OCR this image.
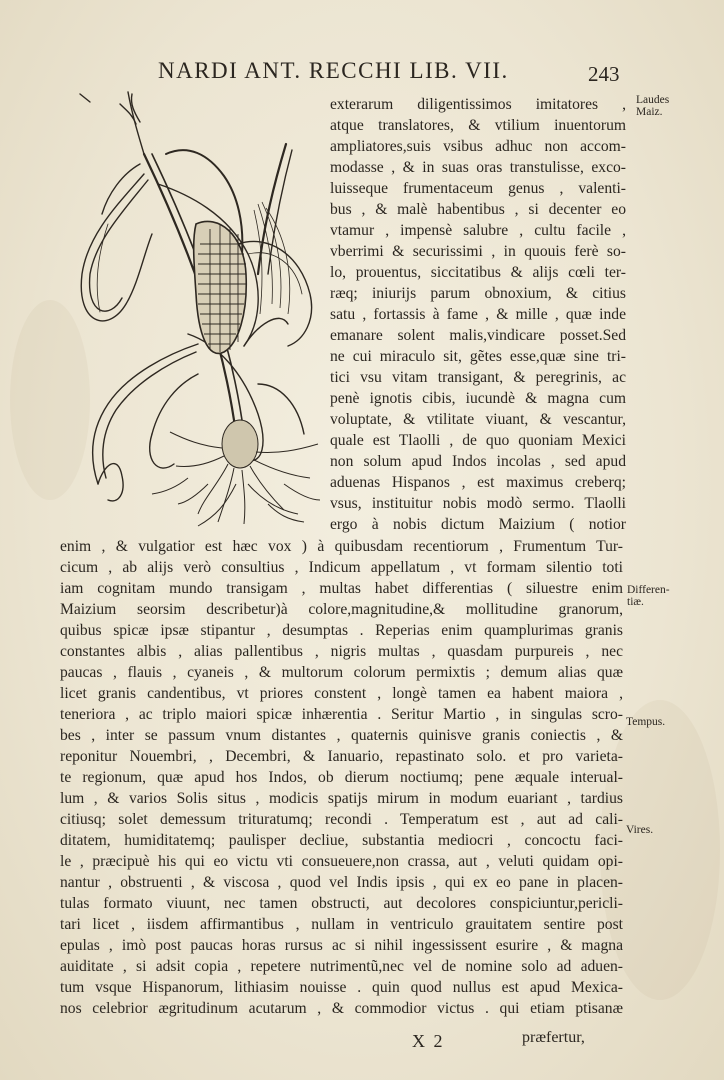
NARDI ANT. RECCHI LIB. VII.	243
exterarum diligentissimos imitatores ,
atque translatores, & vtilium inuentorum
ampliatores,suis vsibus adhuc non accom-
modasse , & in suas oras transtulisse, exco-
luisseque frumentaceum genus , valenti-
bus , & malè habentibus , si decenter eo
vtamur , impensè salubre , cultu facile ,
vberrimi & securissimi , in quouis ferè so-
lo, prouentus, siccitatibus & alijs cœli ter-
ræq; iniurijs parum obnoxium, & citius
satu , fortassis à fame , & mille , quæ inde
emanare solent malis,vindicare posset.Sed
ne cui miraculo sit, gẽtes esse,quæ sine tri-
tici vsu vitam transigant, & peregrinis, ac
penè ignotis cibis, iucundè & magna cum
voluptate, & vtilitate viuant, & vescantur,
quale est Tlaolli , de quo quoniam Mexici
non solum apud Indos incolas , sed apud
aduenas Hispanos , est maximus creberq;
vsus, instituitur nobis modò sermo. Tlaolli
ergo à nobis dictum Maizium ( notior
enim , & vulgatior est hæc vox ) à quibusdam recentiorum , Frumentum Tur-
cicum , ab alijs verò consultius , Indicum appellatum , vt formam silentio toti
iam cognitam mundo transigam , multas habet differentias ( siluestre enim
Maizium seorsim describetur)à colore,magnitudine,& mollitudine granorum,
quibus spicæ ipsæ stipantur , desumptas . Reperias enim quamplurimas granis
constantes albis , alias pallentibus , nigris multas , quasdam purpureis , nec
paucas , flauis , cyaneis , & multorum colorum permixtis ; demum alias quæ
licet granis candentibus, vt priores constent , longè tamen ea habent maiora ,
teneriora , ac triplo maiori spicæ inhærentia . Seritur Martio , in singulas scro-
bes , inter se passum vnum distantes , quaternis quinisve granis coniectis , &
reponitur Nouembri, , Decembri, & Ianuario, repastinato solo. et pro varieta-
te regionum, quæ apud hos Indos, ob dierum noctiumq; pene æquale interual-
lum , & varios Solis situs , modicis spatijs mirum in modum euariant , tardius
citiusq; solet demessum trituratumq; recondi . Temperatum est , aut ad cali-
ditatem, humiditatemq; paulisper decliue, substantia mediocri , concoctu faci-
le , præcipuè his qui eo victu vti consueuere,non crassa, aut , veluti quidam opi-
nantur , obstruenti , & viscosa , quod vel Indis ipsis , qui ex eo pane in placen-
tulas formato viuunt, nec tamen obstructi, aut decolores conspiciuntur,pericli-
tari licet , iisdem affirmantibus , nullam in ventriculo grauitatem sentire post
epulas , imò post paucas horas rursus ac si nihil ingessissent esurire , & magna
auiditate , si adsit copia , repetere nutrimentũ,nec vel de nomine solo ad aduen-
tum vsque Hispanorum, lithiasim nouisse . quin quod nullus est apud Mexica-
nos celebrior ægritudinum acutarum , & commodior victus . qui etiam ptisanæ
Laudes Maiz.
Differen- tiæ.
Tempus.
Vires.
X 2	præfertur,
